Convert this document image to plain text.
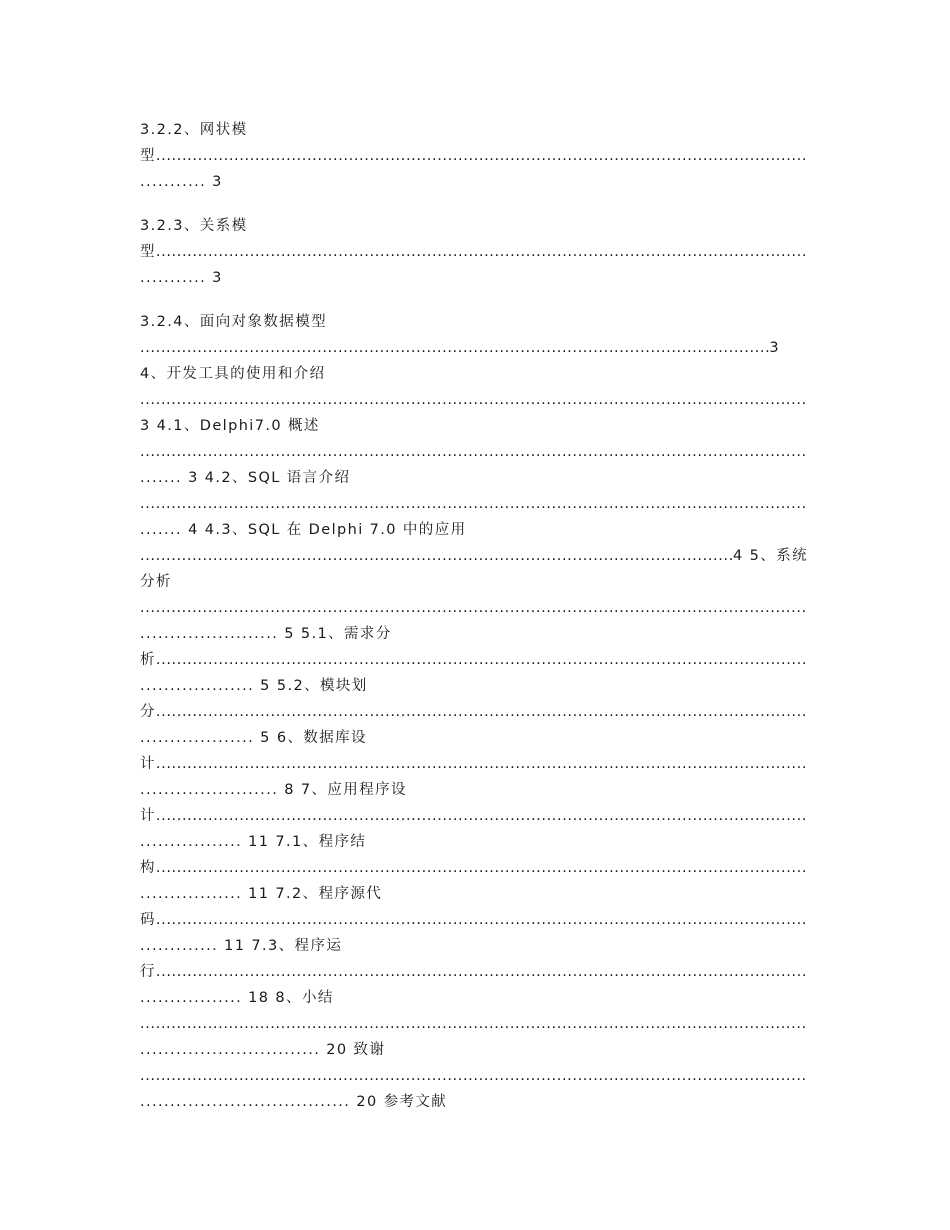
3.2.2、网状模
型
.....
........... 3
3.2.3、关系模
型
.....
........... 3
3.2.4、面向对象数据模型
.....
3
4、开发工具的使用和介绍
.....
3 4.1、Delphi7.0 概述
.....
....... 3 4.2、SQL 语言介绍
.....
....... 4 4.3、SQL 在 Delphi 7.0 中的应用
.....
4 5、系统
分析
.....
....................... 5 5.1、需求分
析
.....
................... 5 5.2、模块划
分
.....
................... 5 6、数据库设
计
.....
....................... 8 7、应用程序设
计
.....
................. 11 7.1、程序结
构
.....
................. 11 7.2、程序源代
码
.....
............. 11 7.3、程序运
行
.....
................. 18 8、小结
.....
.............................. 20 致谢
.....
................................... 20 参考文献
